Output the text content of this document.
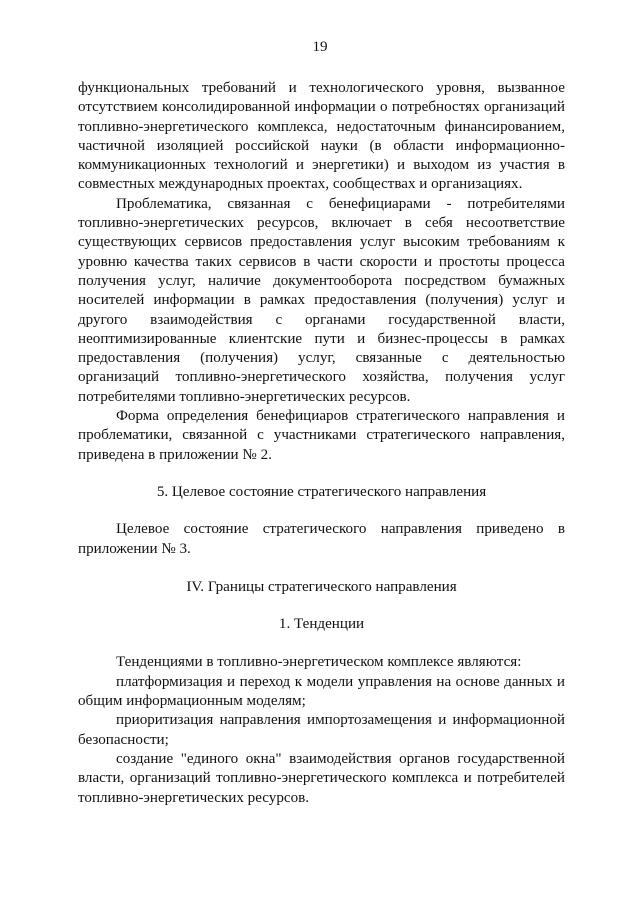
19

функциональных требований и технологического уровня, вызванное отсутствием консолидированной информации о потребностях организаций топливно-энергетического комплекса, недостаточным финансированием, частичной изоляцией российской науки (в области информационно-коммуникационных технологий и энергетики) и выходом из участия в совместных международных проектах, сообществах и организациях.

Проблематика, связанная с бенефициарами - потребителями топливно-энергетических ресурсов, включает в себя несоответствие существующих сервисов предоставления услуг высоким требованиям к уровню качества таких сервисов в части скорости и простоты процесса получения услуг, наличие документооборота посредством бумажных носителей информации в рамках предоставления (получения) услуг и другого взаимодействия с органами государственной власти, неоптимизированные клиентские пути и бизнес-процессы в рамках предоставления (получения) услуг, связанные с деятельностью организаций топливно-энергетического хозяйства, получения услуг потребителями топливно-энергетических ресурсов.

Форма определения бенефициаров стратегического направления и проблематики, связанной с участниками стратегического направления, приведена в приложении № 2.

5. Целевое состояние стратегического направления

Целевое состояние стратегического направления приведено в приложении № 3.

IV. Границы стратегического направления

1. Тенденции

Тенденциями в топливно-энергетическом комплексе являются:

платформизация и переход к модели управления на основе данных и общим информационным моделям;

приоритизация направления импортозамещения и информационной безопасности;

создание "единого окна" взаимодействия органов государственной власти, организаций топливно-энергетического комплекса и потребителей топливно-энергетических ресурсов.
